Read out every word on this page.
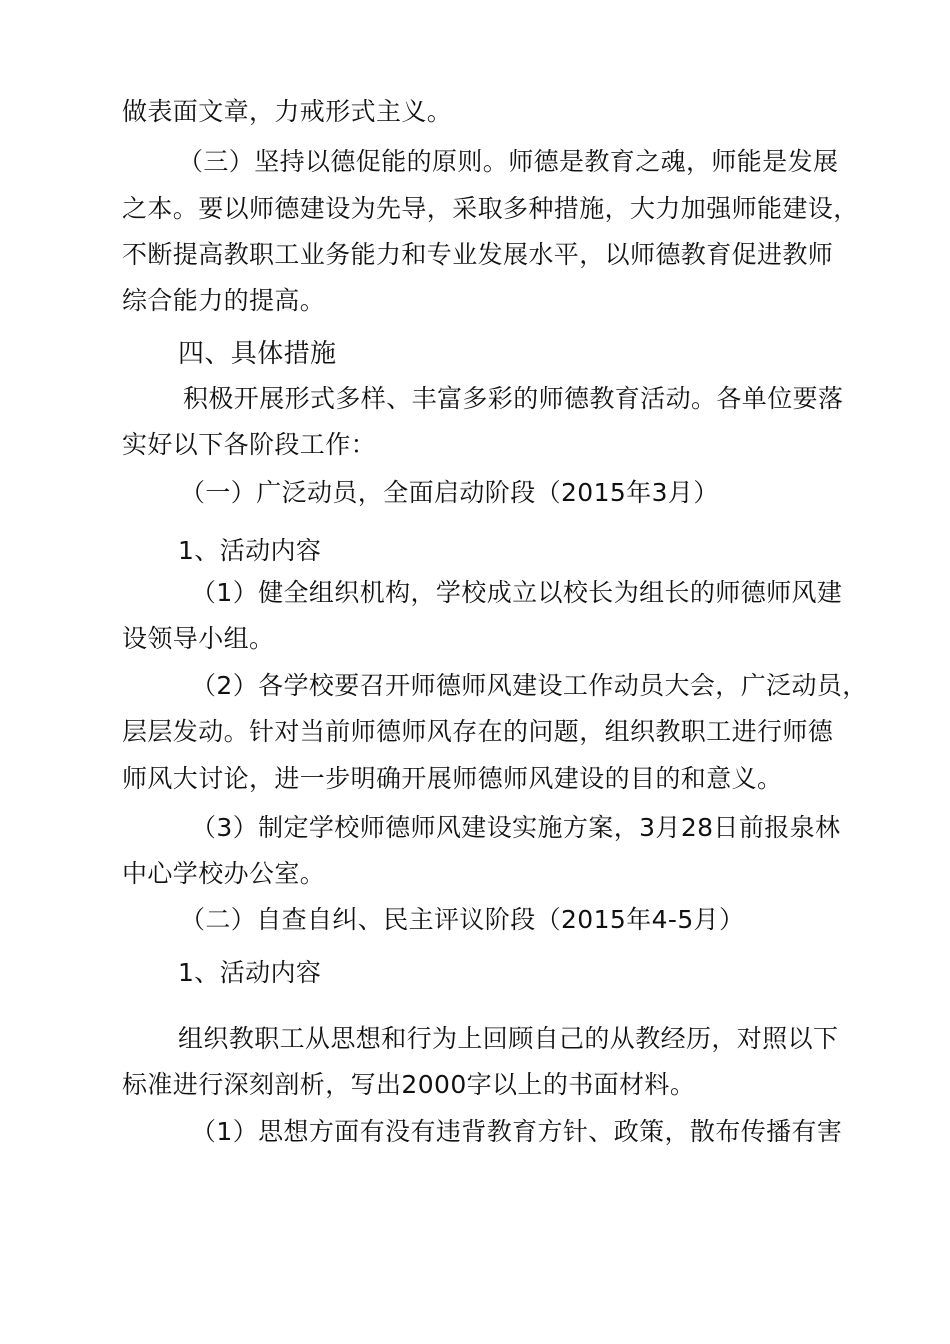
做表面文章，力戒形式主义。
（三）坚持以德促能的原则。师德是教育之魂，师能是发展
之本。要以师德建设为先导，采取多种措施，大力加强师能建设，
不断提高教职工业务能力和专业发展水平，以师德教育促进教师
综合能力的提高。
四、具体措施
积极开展形式多样、丰富多彩的师德教育活动。各单位要落
实好以下各阶段工作：
（一）广泛动员，全面启动阶段（2015年3月）
1、活动内容
（1）健全组织机构，学校成立以校长为组长的师德师风建
设领导小组。
（2）各学校要召开师德师风建设工作动员大会，广泛动员，
层层发动。针对当前师德师风存在的问题，组织教职工进行师德
师风大讨论，进一步明确开展师德师风建设的目的和意义。
（3）制定学校师德师风建设实施方案，3月28日前报泉林
中心学校办公室。
（二）自查自纠、民主评议阶段（2015年4-5月）
1、活动内容
组织教职工从思想和行为上回顾自己的从教经历，对照以下
标准进行深刻剖析，写出2000字以上的书面材料。
（1）思想方面有没有违背教育方针、政策，散布传播有害
